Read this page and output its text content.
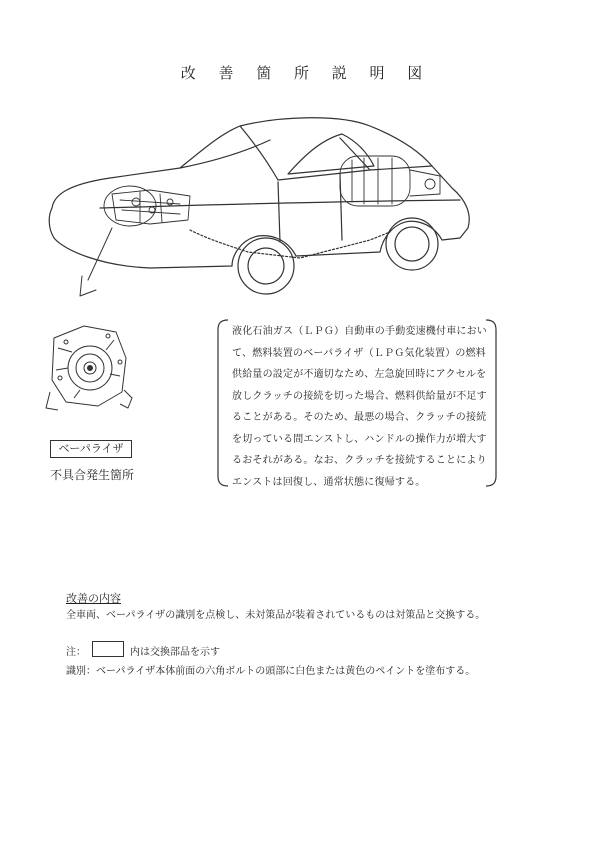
改 善 箇 所 説 明 図
ベーパライザ
不具合発生箇所
液化石油ガス（ＬＰＧ）自動車の手動変速機付車において、燃料装置のベーパライザ（ＬＰＧ気化装置）の燃料供給量の設定が不適切なため、左急旋回時にアクセルを放しクラッチの接続を切った場合、燃料供給量が不足することがある。そのため、最悪の場合、クラッチの接続を切っている間エンストし、ハンドルの操作力が増大するおそれがある。なお、クラッチを接続することによりエンストは回復し、通常状態に復帰する。
改善の内容
全車両、ベーパライザの識別を点検し、未対策品が装着されているものは対策品と交換する。
注：	内は交換部品を示す
識別：ベーパライザ本体前面の六角ボルトの頭部に白色または黄色のペイントを塗布する。
